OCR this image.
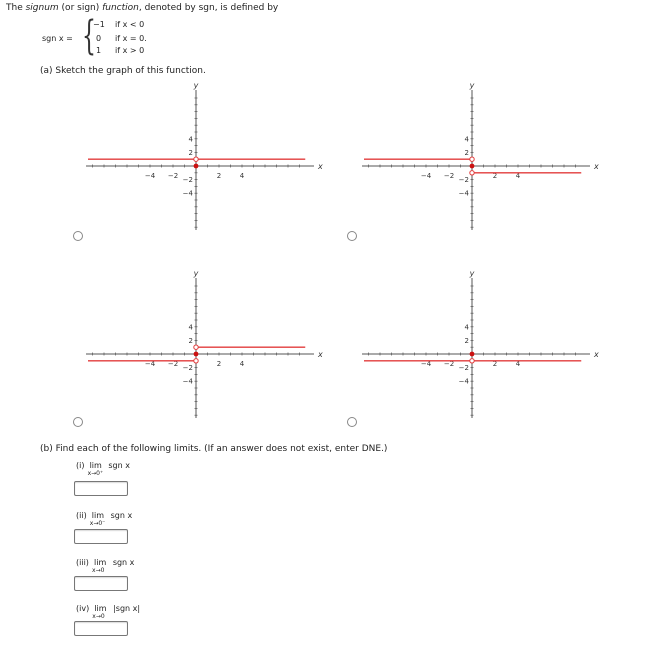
The signum (or sign) function, denoted by sgn, is defined by
sgn x = {
−1 if x < 0
0 if x = 0.
1 if x > 0
(a) Sketch the graph of this function.
−4 −2	2	4
4
2
−2
−4
x
y
−4 −2	2	4
4
2
−2
−4
x
y
−4 −2	2	4
4
2
−2
−4
x
y
−4 −2	2	4
4
2
−2
−4
x
y
(b) Find each of the following limits. (If an answer does not exist, enter DNE.)
(i) lim
x→0⁺
sgn x
(ii) lim
x→0⁻
sgn x
(iii) lim
x→0
sgn x
(iv) lim
x→0
|sgn x|
